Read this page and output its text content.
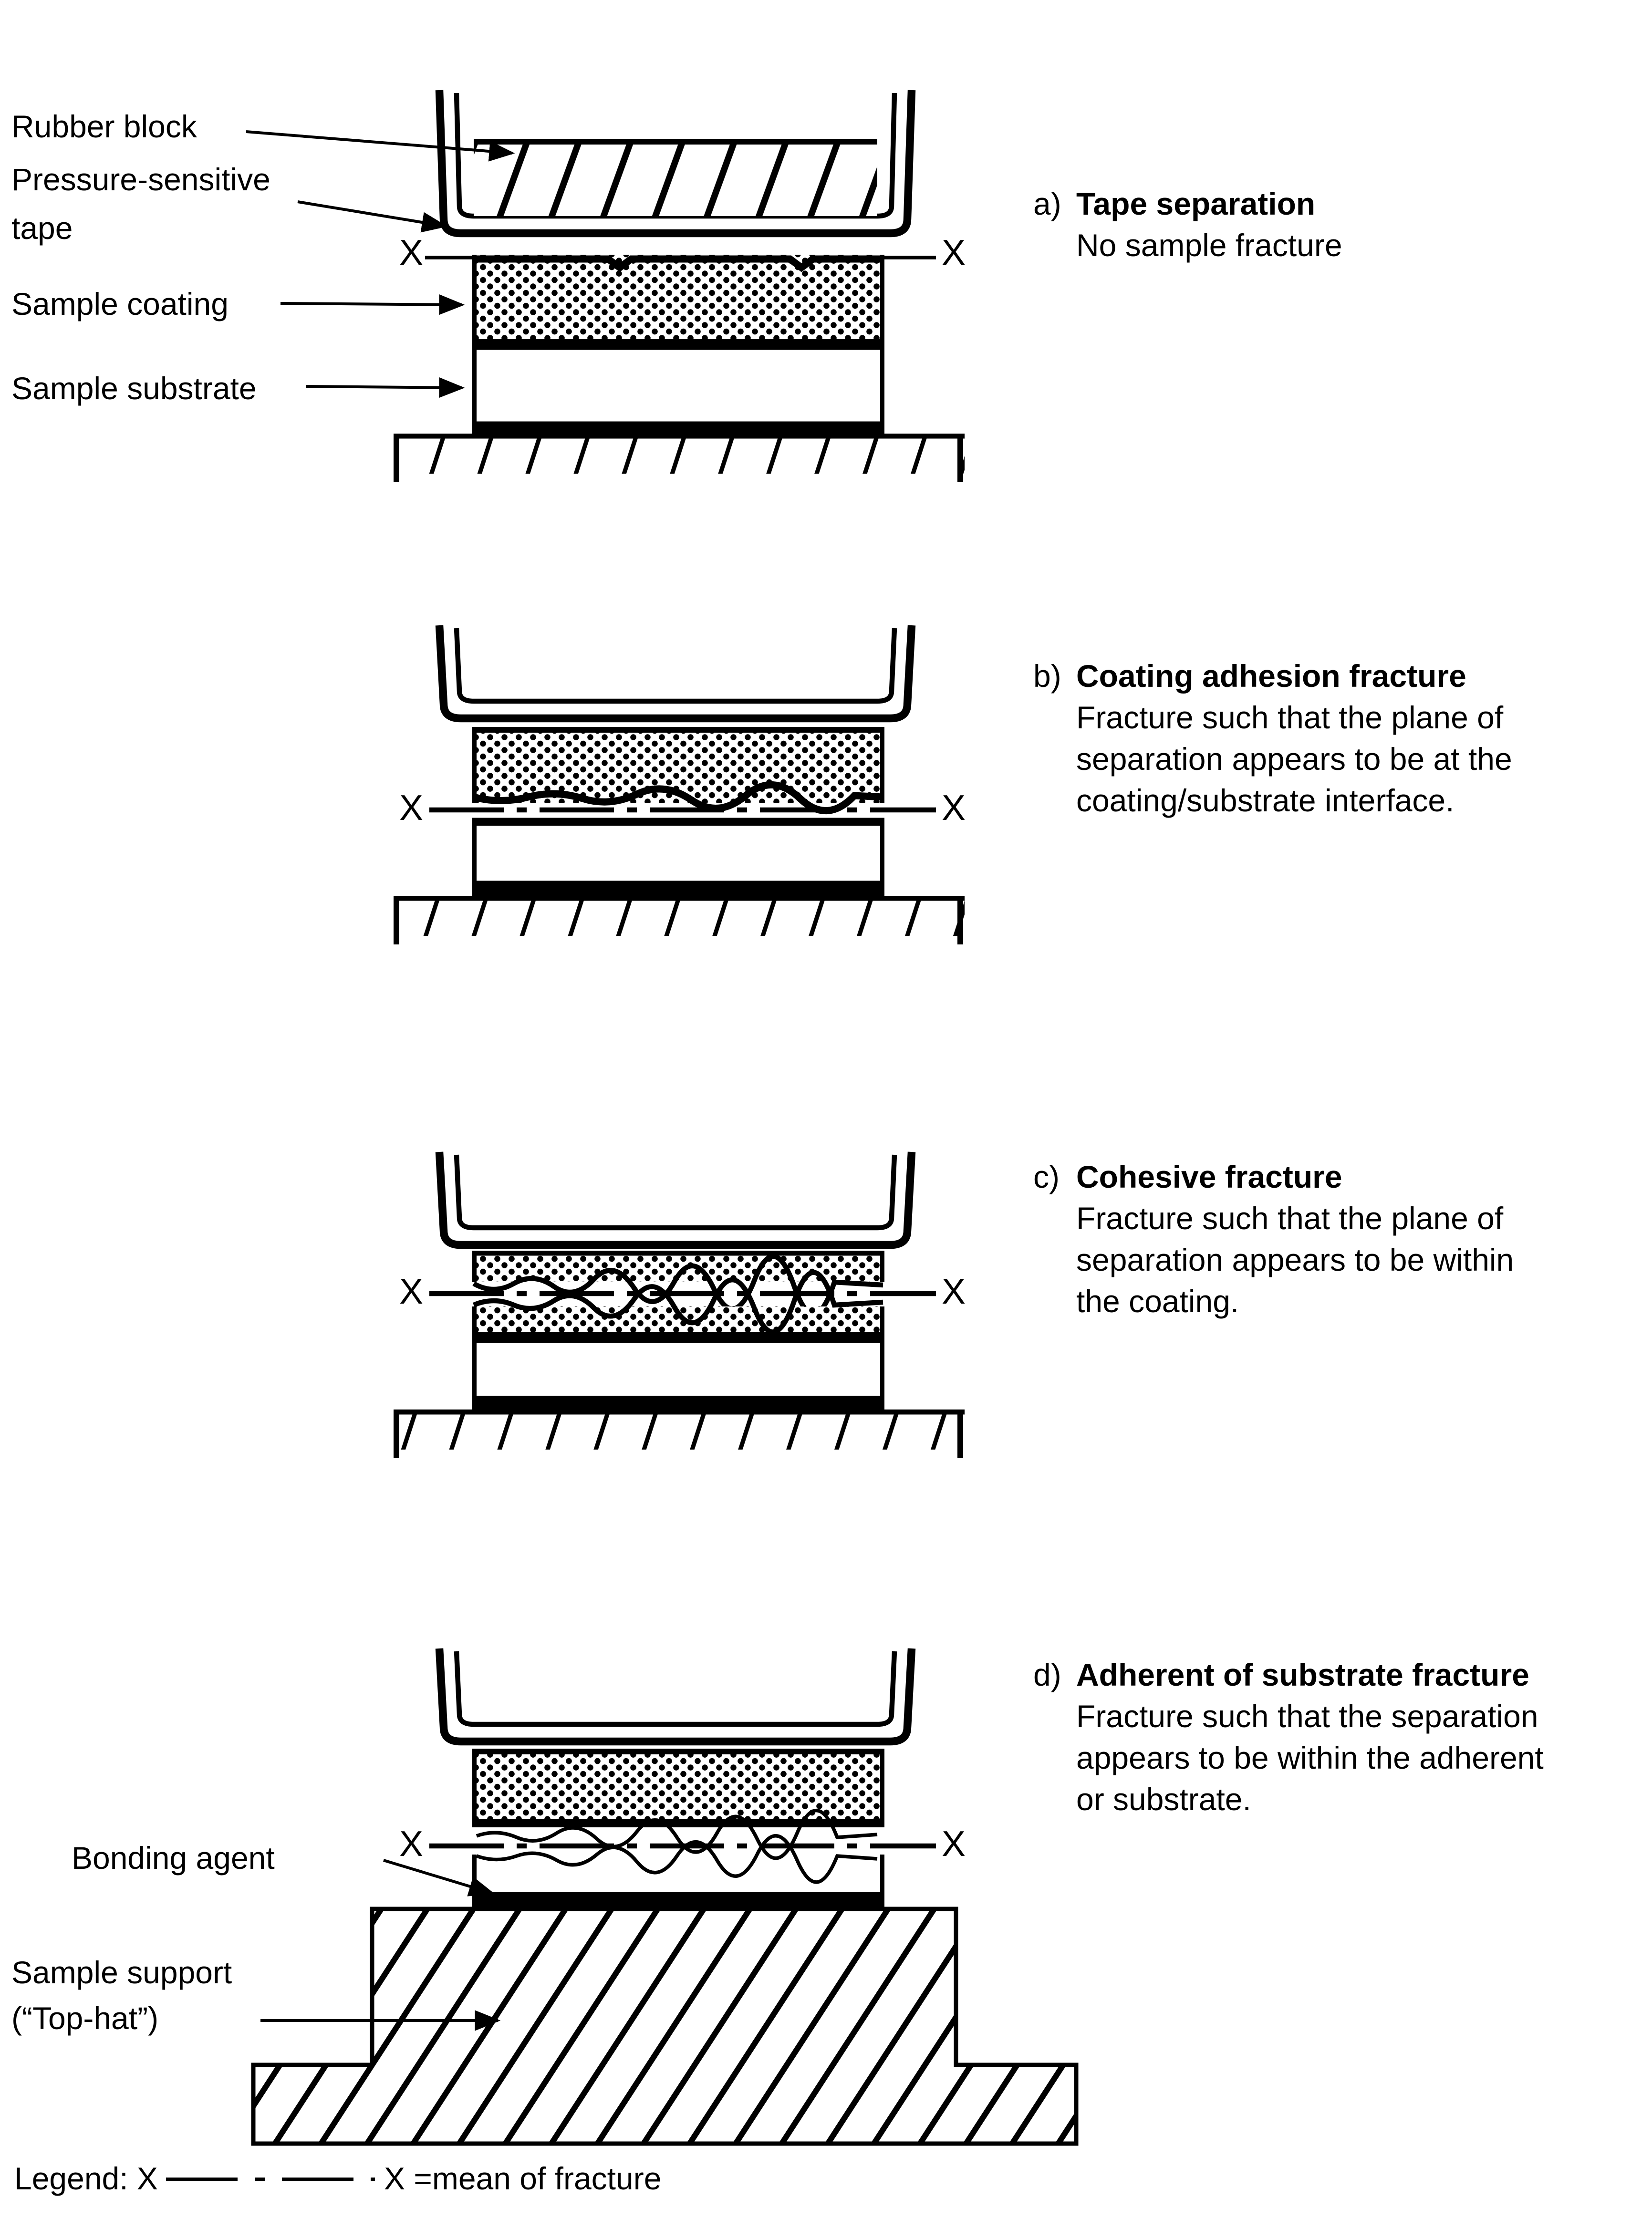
Rubber block
Pressure-sensitive
tape
Sample coating
Sample substrate
Bonding agent
Sample support
(“Top-hat”)
X	X
X	X
X	X
X	X
a)	Tape separation
No sample fracture
b)	Coating adhesion fracture
Fracture such that the plane of
separation appears to be at the
coating/substrate interface.
c)	Cohesive fracture
Fracture such that the plane of
separation appears to be within
the coating.
d)	Adherent of substrate fracture
Fracture such that the separation
appears to be within the adherent
or substrate.
Legend: X	X =mean of fracture
